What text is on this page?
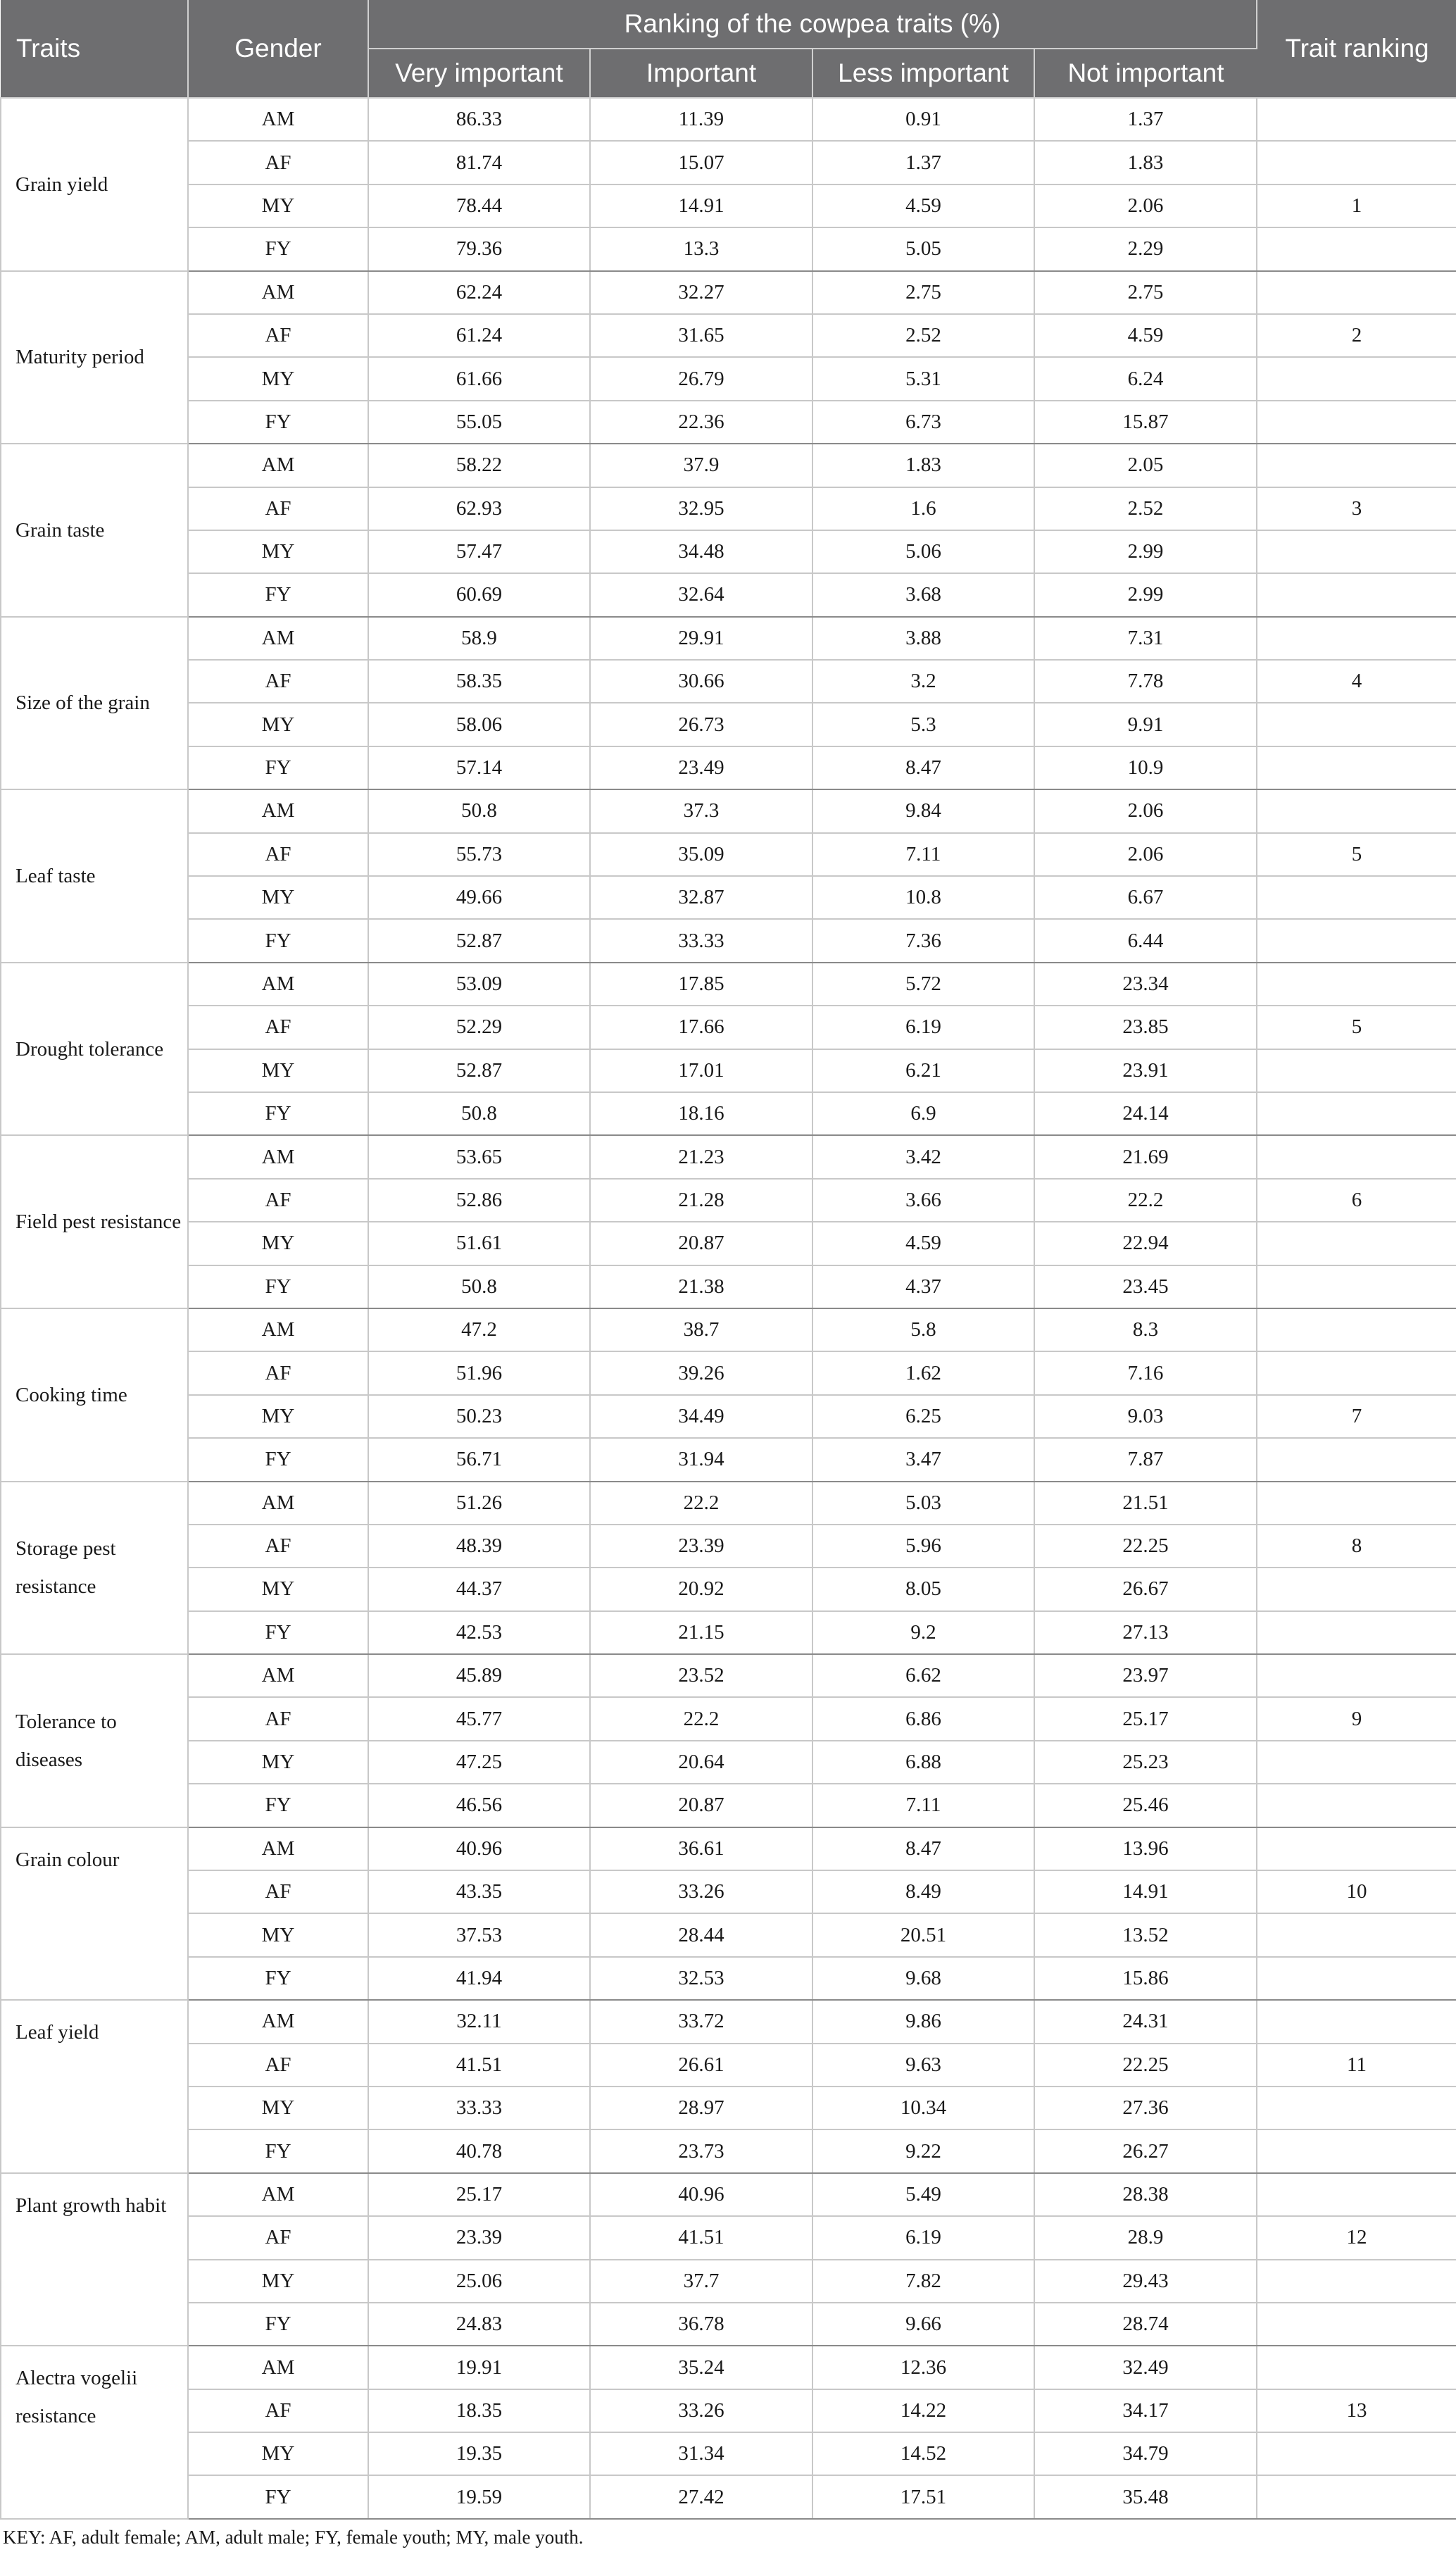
Traits	Gender	Ranking of the cowpea traits (%)				Trait ranking
		Very important	Important	Less important	Not important	
Grain yield	AM	86.33	11.39	0.91	1.37	
	AF	81.74	15.07	1.37	1.83	
	MY	78.44	14.91	4.59	2.06	1
	FY	79.36	13.3	5.05	2.29	
Maturity period	AM	62.24	32.27	2.75	2.75	
	AF	61.24	31.65	2.52	4.59	2
	MY	61.66	26.79	5.31	6.24	
	FY	55.05	22.36	6.73	15.87	
Grain taste	AM	58.22	37.9	1.83	2.05	
	AF	62.93	32.95	1.6	2.52	3
	MY	57.47	34.48	5.06	2.99	
	FY	60.69	32.64	3.68	2.99	
Size of the grain	AM	58.9	29.91	3.88	7.31	
	AF	58.35	30.66	3.2	7.78	4
	MY	58.06	26.73	5.3	9.91	
	FY	57.14	23.49	8.47	10.9	
Leaf taste	AM	50.8	37.3	9.84	2.06	
	AF	55.73	35.09	7.11	2.06	5
	MY	49.66	32.87	10.8	6.67	
	FY	52.87	33.33	7.36	6.44	
Drought tolerance	AM	53.09	17.85	5.72	23.34	
	AF	52.29	17.66	6.19	23.85	5
	MY	52.87	17.01	6.21	23.91	
	FY	50.8	18.16	6.9	24.14	
Field pest resistance	AM	53.65	21.23	3.42	21.69	
	AF	52.86	21.28	3.66	22.2	6
	MY	51.61	20.87	4.59	22.94	
	FY	50.8	21.38	4.37	23.45	
Cooking time	AM	47.2	38.7	5.8	8.3	
	AF	51.96	39.26	1.62	7.16	
	MY	50.23	34.49	6.25	9.03	7
	FY	56.71	31.94	3.47	7.87	
Storage pest resistance	AM	51.26	22.2	5.03	21.51	
	AF	48.39	23.39	5.96	22.25	8
	MY	44.37	20.92	8.05	26.67	
	FY	42.53	21.15	9.2	27.13	
Tolerance to diseases	AM	45.89	23.52	6.62	23.97	
	AF	45.77	22.2	6.86	25.17	9
	MY	47.25	20.64	6.88	25.23	
	FY	46.56	20.87	7.11	25.46	
Grain colour	AM	40.96	36.61	8.47	13.96	
	AF	43.35	33.26	8.49	14.91	10
	MY	37.53	28.44	20.51	13.52	
	FY	41.94	32.53	9.68	15.86	
Leaf yield	AM	32.11	33.72	9.86	24.31	
	AF	41.51	26.61	9.63	22.25	11
	MY	33.33	28.97	10.34	27.36	
	FY	40.78	23.73	9.22	26.27	
Plant growth habit	AM	25.17	40.96	5.49	28.38	
	AF	23.39	41.51	6.19	28.9	12
	MY	25.06	37.7	7.82	29.43	
	FY	24.83	36.78	9.66	28.74	
Alectra vogelii resistance	AM	19.91	35.24	12.36	32.49	
	AF	18.35	33.26	14.22	34.17	13
	MY	19.35	31.34	14.52	34.79	
	FY	19.59	27.42	17.51	35.48	

KEY: AF, adult female; AM, adult male; FY, female youth; MY, male youth.
